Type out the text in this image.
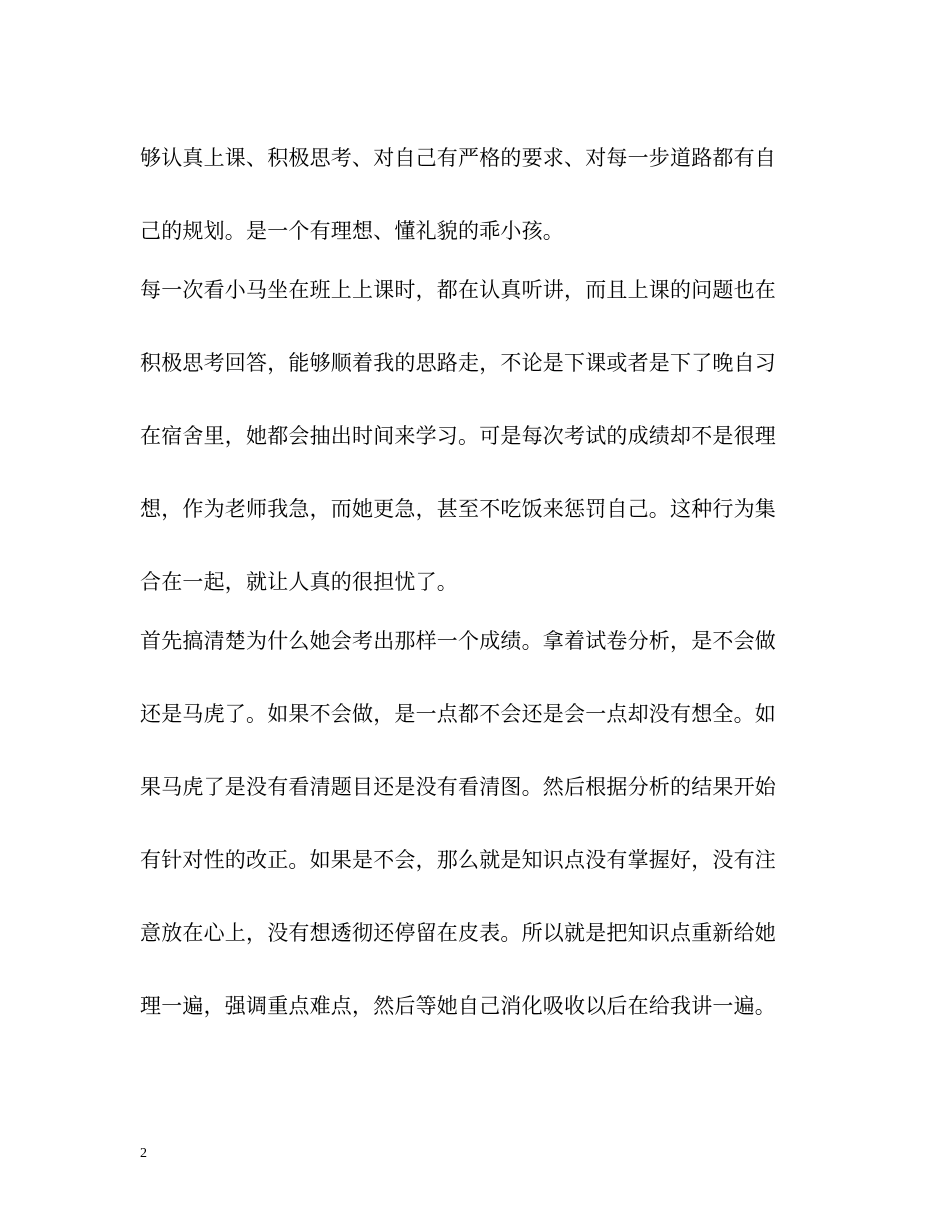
够认真上课、积极思考、对自己有严格的要求、对每一步道路都有自
己的规划。是一个有理想、懂礼貌的乖小孩。
每一次看小马坐在班上上课时，都在认真听讲，而且上课的问题也在
积极思考回答，能够顺着我的思路走，不论是下课或者是下了晚自习
在宿舍里，她都会抽出时间来学习。可是每次考试的成绩却不是很理
想，作为老师我急，而她更急，甚至不吃饭来惩罚自己。这种行为集
合在一起，就让人真的很担忧了。
首先搞清楚为什么她会考出那样一个成绩。拿着试卷分析，是不会做
还是马虎了。如果不会做，是一点都不会还是会一点却没有想全。如
果马虎了是没有看清题目还是没有看清图。然后根据分析的结果开始
有针对性的改正。如果是不会，那么就是知识点没有掌握好，没有注
意放在心上，没有想透彻还停留在皮表。所以就是把知识点重新给她
理一遍，强调重点难点，然后等她自己消化吸收以后在给我讲一遍。
2
